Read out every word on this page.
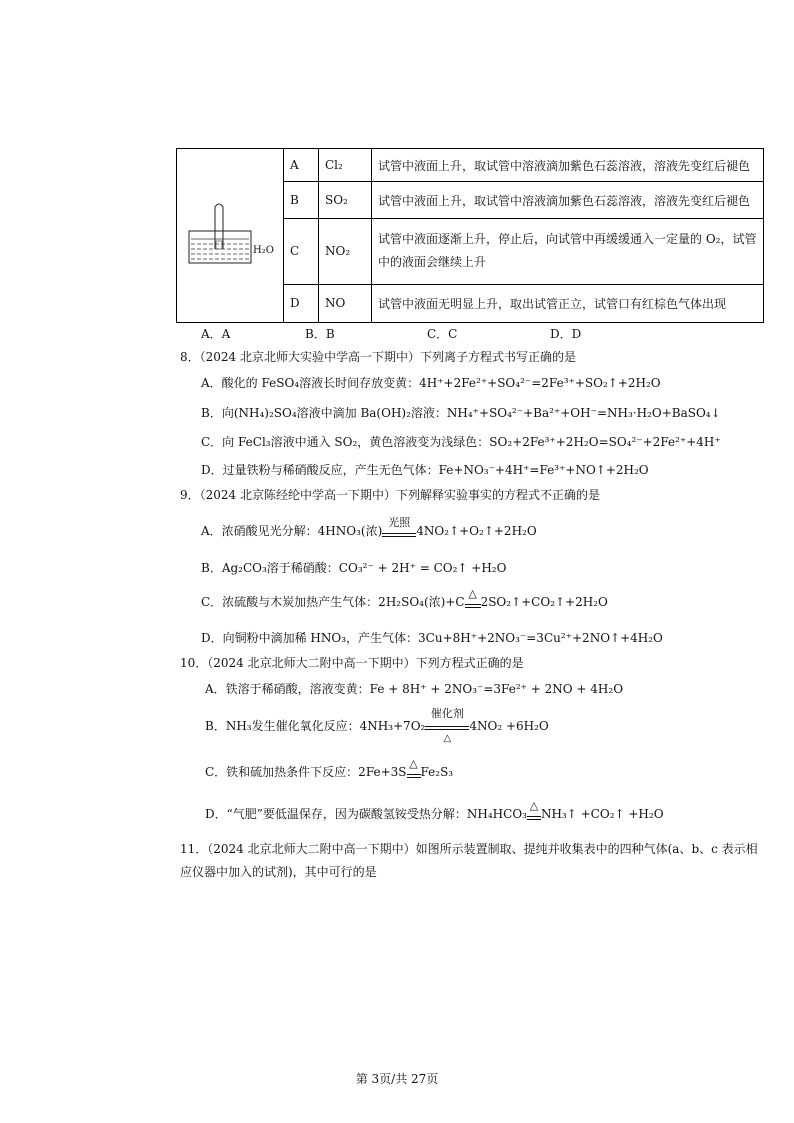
H₂O	A	Cl₂	试管中液面上升，取试管中溶液滴加紫色石蕊溶液，溶液先变红后褪色
	B	SO₂	试管中液面上升，取试管中溶液滴加紫色石蕊溶液，溶液先变红后褪色
	C	NO₂	试管中液面逐渐上升，停止后，向试管中再缓缓通入一定量的 O₂，试管中的液面会继续上升
	D	NO	试管中液面无明显上升，取出试管正立，试管口有红棕色气体出现
A．A	B．B	C．C	D．D
8．（2024 北京北师大实验中学高一下期中）下列离子方程式书写正确的是
A．酸化的 FeSO₄溶液长时间存放变黄：4H⁺+2Fe²⁺+SO₄²⁻=2Fe³⁺+SO₂↑+2H₂O
B．向(NH₄)₂SO₄溶液中滴加 Ba(OH)₂溶液：NH₄⁺+SO₄²⁻+Ba²⁺+OH⁻=NH₃·H₂O+BaSO₄↓
C．向 FeCl₃溶液中通入 SO₂，黄色溶液变为浅绿色：SO₂+2Fe³⁺+2H₂O=SO₄²⁻+2Fe²⁺+4H⁺
D．过量铁粉与稀硝酸反应，产生无色气体：Fe+NO₃⁻+4H⁺=Fe³⁺+NO↑+2H₂O
9．（2024 北京陈经纶中学高一下期中）下列解释实验事实的方程式不正确的是
A．浓硝酸见光分解：4HNO₃(浓)
光照
4NO₂↑+O₂↑+2H₂O
B．Ag₂CO₃溶于稀硝酸：CO₃²⁻ + 2H⁺ = CO₂↑ +H₂O
C．浓硫酸与木炭加热产生气体：2H₂SO₄(浓)+C
△
2SO₂↑+CO₂↑+2H₂O
D．向铜粉中滴加稀 HNO₃，产生气体：3Cu+8H⁺+2NO₃⁻=3Cu²⁺+2NO↑+4H₂O
10．（2024 北京北师大二附中高一下期中）下列方程式正确的是
A．铁溶于稀硝酸，溶液变黄：Fe + 8H⁺ + 2NO₃⁻=3Fe²⁺ + 2NO + 4H₂O
B．NH₃发生催化氧化反应：4NH₃+7O₂
催化剂
△
4NO₂ +6H₂O
C．铁和硫加热条件下反应：2Fe+3S
△
Fe₂S₃
D．“气肥”要低温保存，因为碳酸氢铵受热分解：NH₄HCO₃
△
NH₃↑ +CO₂↑ +H₂O
11．（2024 北京北师大二附中高一下期中）如图所示装置制取、提纯并收集表中的四种气体(a、b、c 表示相
应仪器中加入的试剂)，其中可行的是
第 3页/共 27页
